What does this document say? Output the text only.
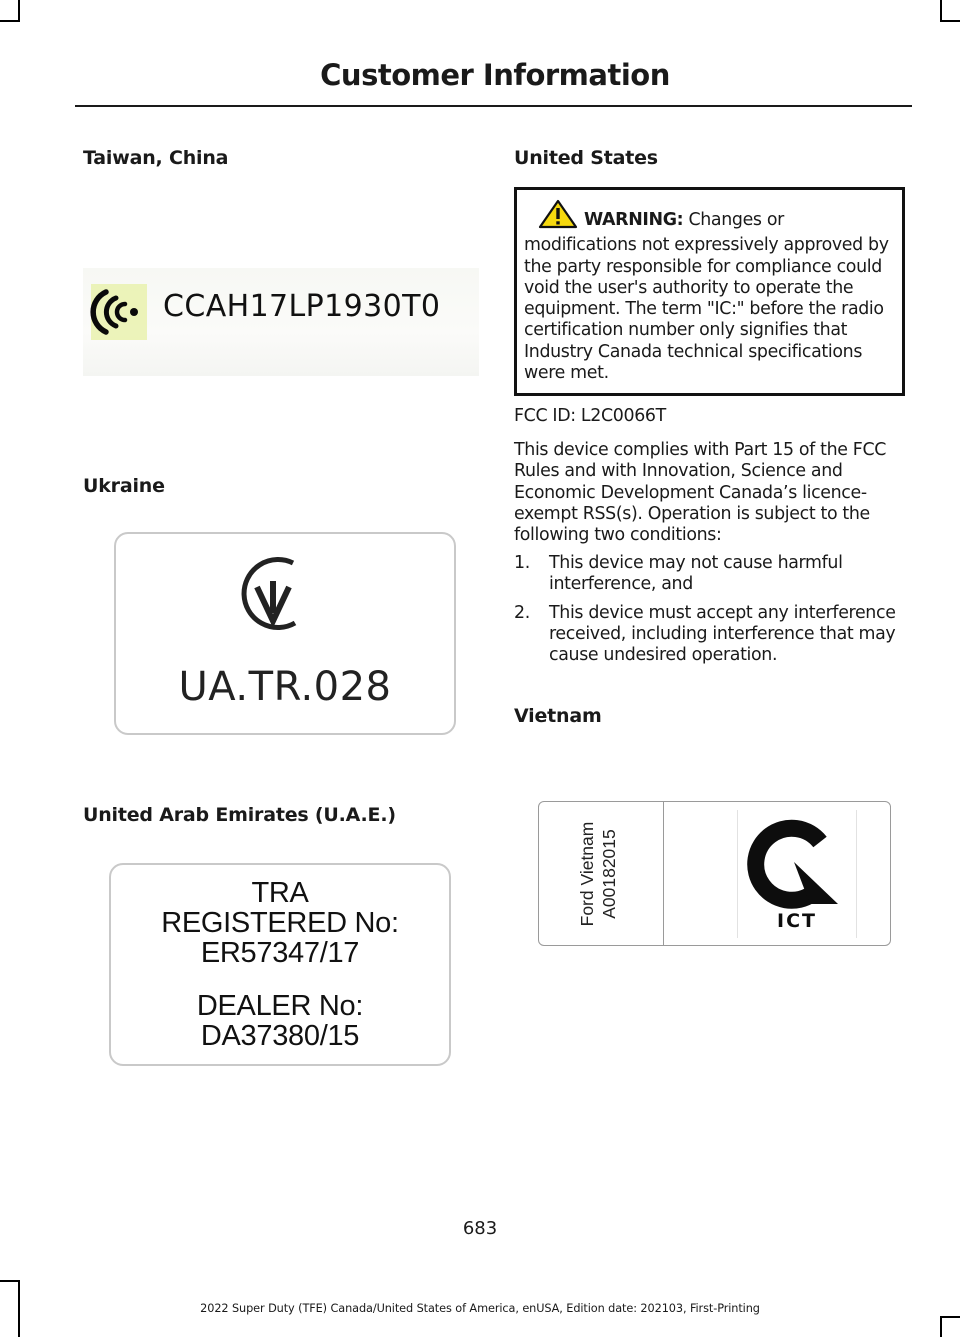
Customer Information
Taiwan, China
CCAH17LP1930T0
Ukraine
UA.TR.028
United Arab Emirates (U.A.E.)
TRA
REGISTERED No:
ER57347/17
DEALER No:
DA37380/15
United States
WARNING: Changes or modifications not expressively approved by the party responsible for compliance could void the user's authority to operate the equipment. The term "IC:" before the radio certification number only signifies that Industry Canada technical specifications were met.

FCC ID: L2C0066T

This device complies with Part 15 of the FCC Rules and with Innovation, Science and Economic Development Canada’s licence-exempt RSS(s). Operation is subject to the following two conditions:

1. This device may not cause harmful interference, and
2. This device must accept any interference received, including interference that may cause undesired operation.
Vietnam
Ford Vietnam A00182015
ICT
683
2022 Super Duty (TFE) Canada/United States of America, enUSA, Edition date: 202103, First-Printing
